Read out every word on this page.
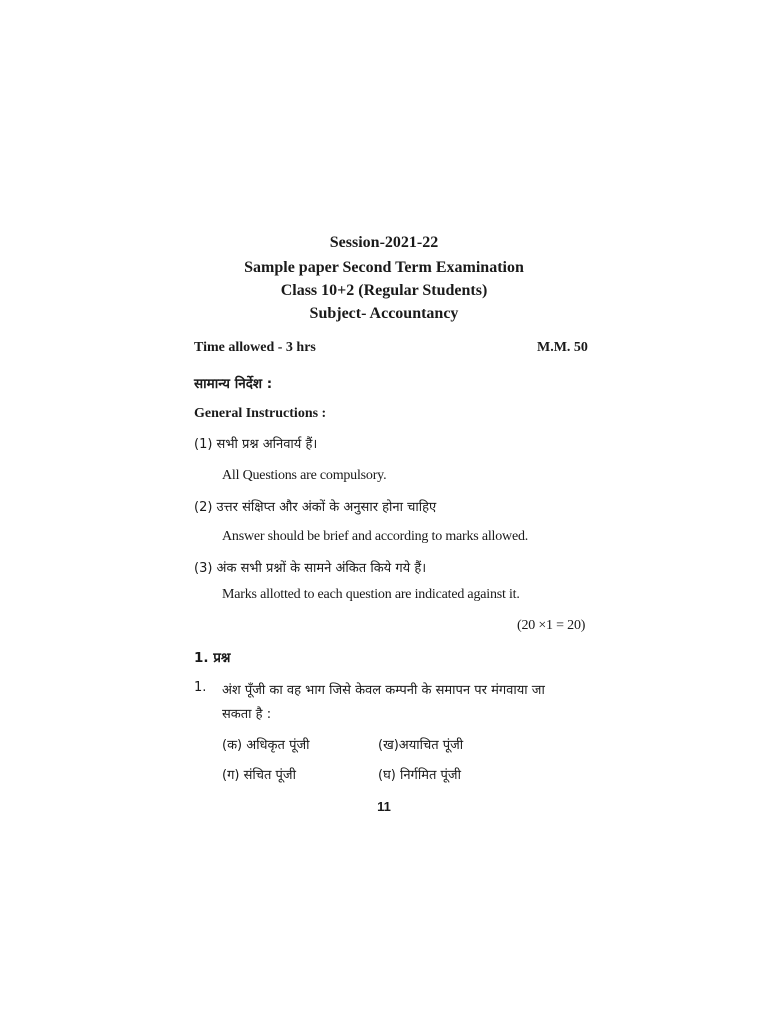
Session-2021-22
Sample paper Second Term Examination
Class 10+2 (Regular Students)
Subject- Accountancy
Time allowed - 3 hrs	M.M. 50
सामान्य निर्देश :
General Instructions :
(1) सभी प्रश्न अनिवार्य हैं।
All Questions are compulsory.
(2) उत्तर संक्षिप्त और अंकों के अनुसार होना चाहिए
Answer should be brief and according to marks allowed.
(3) अंक सभी प्रश्नों के सामने अंकित किये गये हैं।
Marks allotted to each question are indicated against it.
(20 ×1 = 20)
1. प्रश्न
1. अंश पूँजी का वह भाग जिसे केवल कम्पनी के समापन पर मंगवाया जा
सकता है :
(क) अधिकृत पूंजी	(ख)अयाचित पूंजी
(ग) संचित पूंजी	(घ) निर्गमित पूंजी
11
